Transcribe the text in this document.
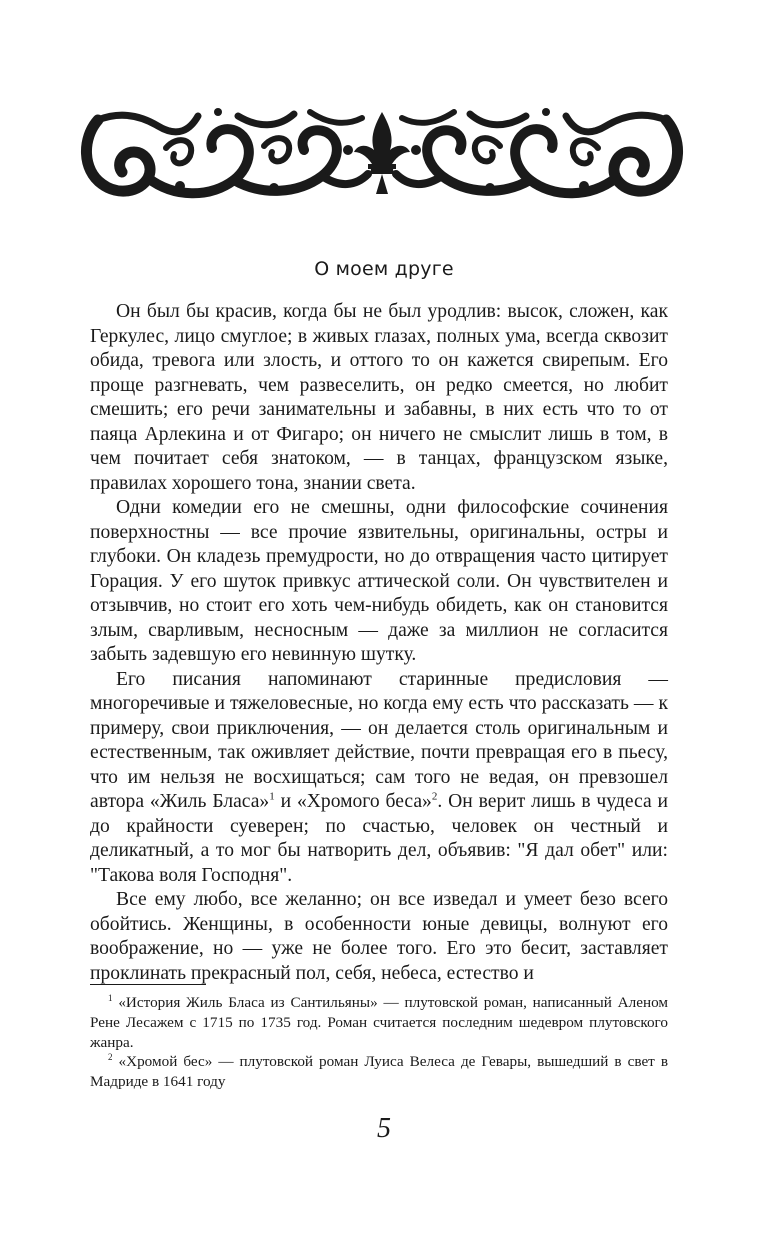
О моем друге

Он был бы красив, когда бы не был уродлив: высок, сложен, как Геркулес, лицо смуглое; в живых глазах, полных ума, всегда сквозит обида, тревога или злость, и оттого то он кажется свирепым. Его проще разгневать, чем развеселить, он редко смеется, но любит смешить; его речи занимательны и забавны, в них есть что то от паяца Арлекина и от Фигаро; он ничего не смыслит лишь в том, в чем почитает себя знатоком, — в танцах, французском языке, правилах хорошего тона, знании света.

Одни комедии его не смешны, одни философские сочинения поверхностны — все прочие язвительны, оригинальны, остры и глубоки. Он кладезь премудрости, но до отвращения часто цитирует Горация. У его шуток привкус аттической соли. Он чувствителен и отзывчив, но стоит его хоть чем-нибудь обидеть, как он становится злым, сварливым, несносным — даже за миллион не согласится забыть задевшую его невинную шутку.

Его писания напоминают старинные предисловия — многоречивые и тяжеловесные, но когда ему есть что рассказать — к примеру, свои приключения, — он делается столь оригинальным и естественным, так оживляет действие, почти превращая его в пьесу, что им нельзя не восхищаться; сам того не ведая, он превзошел автора «Жиль Бласа»$^1$ и «Хромого беса»$^2$. Он верит лишь в чудеса и до крайности суеверен; по счастью, человек он честный и деликатный, а то мог бы натворить дел, объявив: "Я дал обет" или: "Такова воля Господня".

Все ему любо, все желанно; он все изведал и умеет безо всего обойтись. Женщины, в особенности юные девицы, волнуют его воображение, но — уже не более того. Его это бесит, заставляет проклинать прекрасный пол, себя, небеса, естество и

$^1$ «История Жиль Бласа из Сантильяны» — плутовской роман, написанный Аленом Рене Лесажем с 1715 по 1735 год. Роман считается последним шедевром плутовского жанра.

$^2$ «Хромой бес» — плутовской роман Луиса Велеса де Гевары, вышедший в свет в Мадриде в 1641 году

5
